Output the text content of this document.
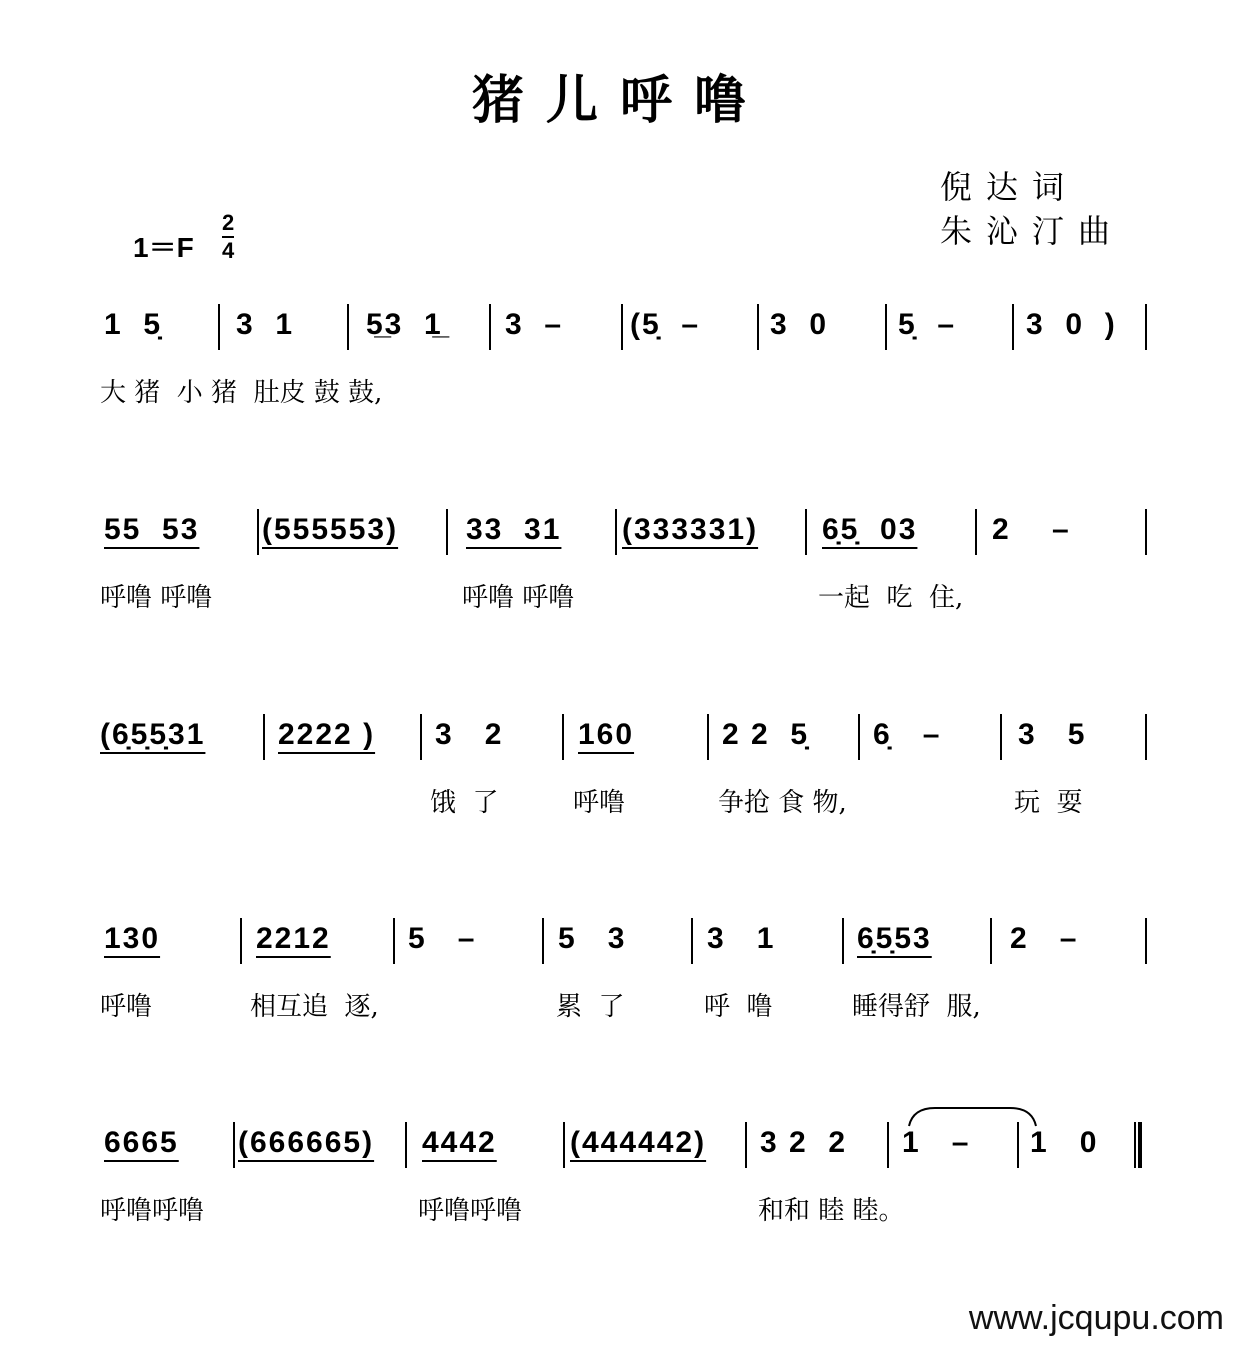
猪儿呼噜
倪达词
朱沁汀曲
1＝F
2
4
1  5̣ 3  1 5̲3  1̲ 3  – (5̣  – 3  0 5̣  – 3  0  )
大 猪  小 猪  肚皮 鼓 鼓,
55  53 (555553) 33  31 (333331) 6̣5̣  03 2    –
呼噜 呼噜	呼噜 呼噜	一起  吃  住,
(6̣5̣5̣31 2222 ) 3   2 160	2 2  5̣ 6̣   –	3   5
饿  了	呼噜	争抢 食 物,	玩  耍
130	2212	5   –	5   3	3   1	6̣5̣53	2   –
呼噜	相互追  逐,	累  了	呼  噜	睡得舒  服,
6665 (666665) 4442 (444442) 3 2  2 1   – 1   0
呼噜呼噜	呼噜呼噜	和和 睦 睦。
www.jcqupu.com
